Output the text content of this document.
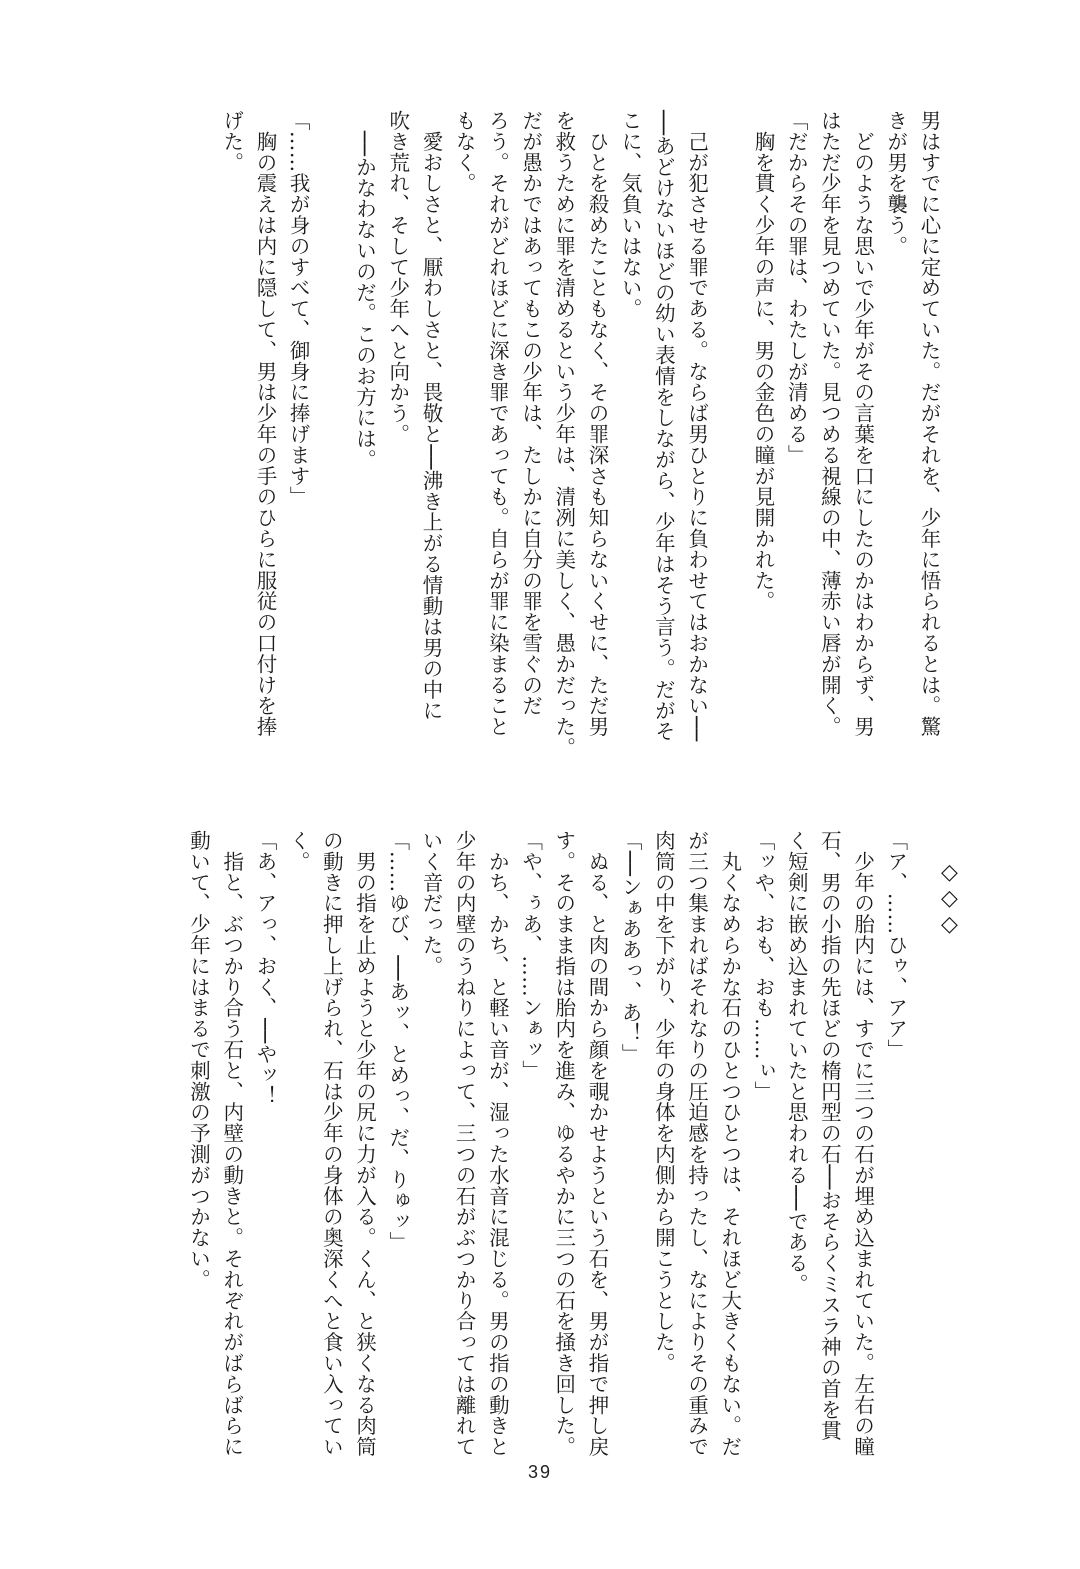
男はすでに心に定めていた。だがそれを、少年に悟られるとは。驚
きが男を襲う。
　どのような思いで少年がその言葉を口にしたのかはわからず、男
はただ少年を見つめていた。見つめる視線の中、薄赤い唇が開く。
「だからその罪は、わたしが清める」
　胸を貫く少年の声に、男の金色の瞳が見開かれた。

　己が犯させる罪である。ならば男ひとりに負わせてはおかない──
──あどけないほどの幼い表情をしながら、少年はそう言う。だがそ
こに、気負いはない。
　ひとを殺めたこともなく、その罪深さも知らないくせに、ただ男
を救うために罪を清めるという少年は、清冽に美しく、愚かだった。
だが愚かではあってもこの少年は、たしかに自分の罪を雪ぐのだ
ろう。それがどれほどに深き罪であっても。自らが罪に染まること
もなく。
　愛おしさと、厭わしさと、畏敬と──沸き上がる情動は男の中に
吹き荒れ、そして少年へと向かう。
　──かなわないのだ。このお方には。

「……我が身のすべて、御身に捧げます」
　胸の震えは内に隠して、男は少年の手のひらに服従の口付けを捧
げた。
◇◇◇

「ア、……ひゥ、アア」
　少年の胎内には、すでに三つの石が埋め込まれていた。左右の瞳
石、男の小指の先ほどの楕円型の石──おそらくミスラ神の首を貫
く短剣に嵌め込まれていたと思われる──である。
「ッや、おも、おも……ぃ」
　丸くなめらかな石のひとつひとつは、それほど大きくもない。だ
が三つ集まればそれなりの圧迫感を持ったし、なによりその重みで
肉筒の中を下がり、少年の身体を内側から開こうとした。
「──ンぁああっ、あ！」
　ぬる、と肉の間から顔を覗かせようという石を、男が指で押し戻
す。そのまま指は胎内を進み、ゆるやかに三つの石を掻き回した。
「や、ぅあ、……ンぁッ」
　かち、かち、と軽い音が、湿った水音に混じる。男の指の動きと
少年の内壁のうねりによって、三つの石がぶつかり合っては離れて
いく音だった。
「……ゆび、──あッ、とめっ、だ、りゅッ」
　男の指を止めようと少年の尻に力が入る。くん、と狭くなる肉筒
の動きに押し上げられ、石は少年の身体の奥深くへと食い入ってい
く。
「あ、アっ、おく、──やッ！
　指と、ぶつかり合う石と、内壁の動きと。それぞれがばらばらに
動いて、少年にはまるで刺激の予測がつかない。
39
